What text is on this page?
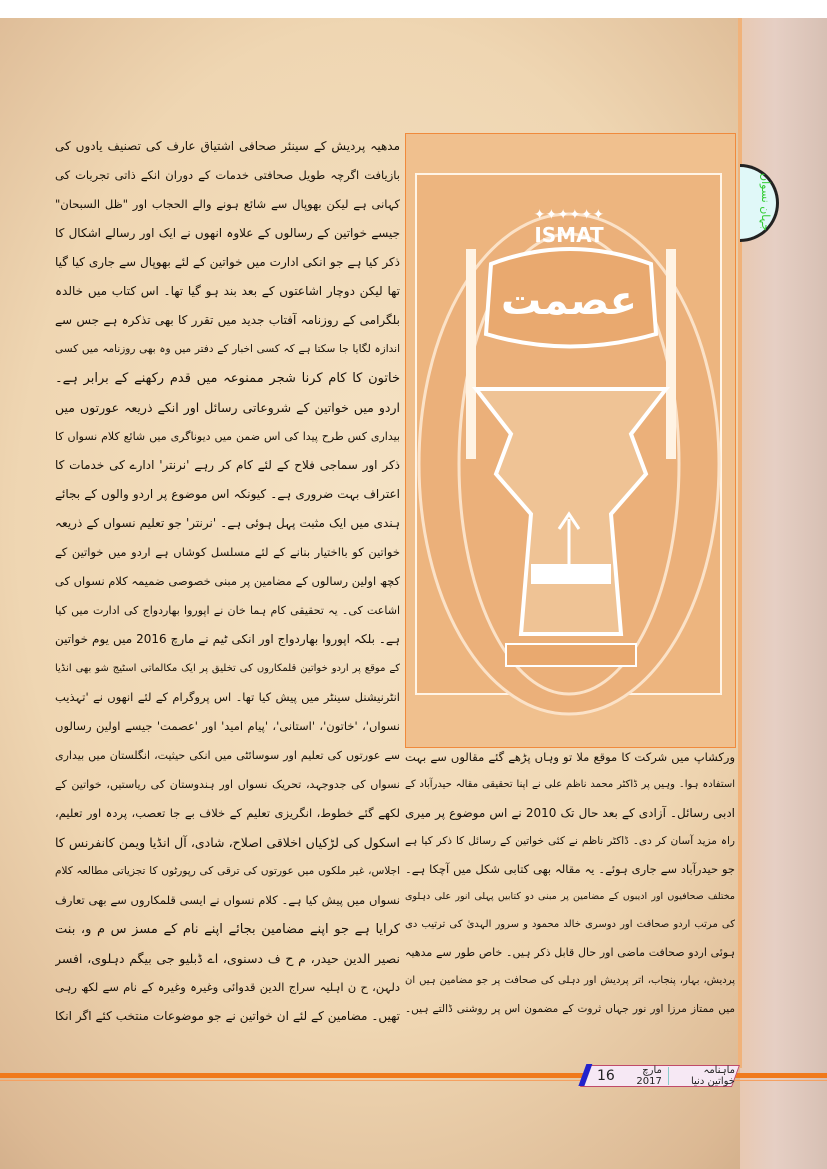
جہان نسواں
مدھیہ پردیش کے سینئر صحافی اشتیاق عارف کی تصنیف یادوں کی
بازیافت اگرچہ طویل صحافتی خدمات کے دوران انکے ذاتی تجربات کی
کہانی ہے لیکن بھوپال سے شائع ہونے والے الحجاب اور "ظل السبحان"
جیسے خواتین کے رسالوں کے علاوہ انھوں نے ایک اور رسالے اشکال کا
ذکر کیا ہے جو انکی ادارت میں خواتین کے لئے بھوپال سے جاری کیا گیا
تھا لیکن دوچار اشاعتوں کے بعد بند ہو گیا تھا۔ اس کتاب میں خالدہ
بلگرامی کے روزنامہ آفتاب جدید میں تقرر کا بھی تذکرہ ہے جس سے
اندازہ لگایا جا سکتا ہے کہ کسی اخبار کے دفتر میں وہ بھی روزنامہ میں کسی
خاتون کا کام کرنا شجر ممنوعہ میں قدم رکھنے کے برابر ہے۔
اردو میں خواتین کے شروعاتی رسائل اور انکے ذریعہ عورتوں میں
بیداری کس طرح پیدا کی اس ضمن میں دیوناگری میں شائع کلام نسواں کا
ذکر اور سماجی فلاح کے لئے کام کر رہے 'نرنتر' ادارے کی خدمات کا
اعتراف بہت ضروری ہے۔ کیونکہ اس موضوع پر اردو والوں کے بجائے
ہندی میں ایک مثبت پہل ہوئی ہے۔ 'نرنتر' جو تعلیم نسواں کے ذریعہ
خواتین کو بااختیار بنانے کے لئے مسلسل کوشاں ہے اردو میں خواتین کے
کچھ اولین رسالوں کے مضامین پر مبنی خصوصی ضمیمہ کلام نسواں کی
اشاعت کی۔ یہ تحقیقی کام ہما خان نے اپوروا بھاردواج کی ادارت میں کیا
ہے۔ بلکہ اپوروا بھاردواج اور انکی ٹیم نے مارچ 2016 میں یوم خواتین
کے موقع پر اردو خواتین قلمکاروں کی تخلیق پر ایک مکالماتی اسٹیج شو بھی انڈیا
انٹرنیشنل سینٹر میں پیش کیا تھا۔ اس پروگرام کے لئے انھوں نے 'تہذیب
نسواں'، 'خاتون'، 'استانی'، 'پیام امید' اور 'عصمت' جیسے اولین رسالوں
سے عورتوں کی تعلیم اور سوسائٹی میں انکی حیثیت، انگلستان میں بیداری
نسواں کی جدوجہد، تحریک نسواں اور ہندوستان کی ریاستیں، خواتین کے
لکھے گئے خطوط، انگریزی تعلیم کے خلاف بے جا تعصب، پردہ اور تعلیم،
اسکول کی لڑکیاں اخلاقی اصلاح، شادی، آل انڈیا ویمن کانفرنس کا
اجلاس، غیر ملکوں میں عورتوں کی ترقی کی رپورٹوں کا تجزیاتی مطالعہ کلام
نسواں میں پیش کیا ہے۔ کلام نسواں نے ایسی قلمکاروں سے بھی تعارف
کرایا ہے جو اپنے مضامین بجائے اپنے نام کے مسز س م و، بنت
نصیر الدین حیدر، م ح ف دسنوی، اے ڈبلیو جی بیگم دہلوی، افسر
دلہن، ح ن اہلیہ سراج الدین قدوائی وغیرہ وغیرہ کے نام سے لکھ رہی
تھیں۔ مضامین کے لئے ان خواتین نے جو موضوعات منتخب کئے اگر انکا
✦✦✦✦✦✦
ISMAT
عصمت
ورکشاپ میں شرکت کا موقع ملا تو وہاں پڑھے گئے مقالوں سے بہت
استفادہ ہوا۔ وہیں پر ڈاکٹر محمد ناظم علی نے اپنا تحقیقی مقالہ حیدرآباد کے
ادبی رسائل۔ آزادی کے بعد حال تک 2010 نے اس موضوع پر میری
راہ مزید آسان کر دی۔ ڈاکٹر ناظم نے کئی خواتین کے رسائل کا ذکر کیا ہے
جو حیدرآباد سے جاری ہوئے۔ یہ مقالہ بھی کتابی شکل میں آچکا ہے۔
مختلف صحافیوں اور ادیبوں کے مضامین پر مبنی دو کتابیں پہلی انور علی دہلوی
کی مرتب اردو صحافت اور دوسری خالد محمود و سرور الہدیٰ کی ترتیب دی
ہوئی اردو صحافت ماضی اور حال قابل ذکر ہیں۔ خاص طور سے مدھیہ
پردیش، بہار، پنجاب، اتر پردیش اور دہلی کی صحافت پر جو مضامین ہیں ان
میں ممتاز مرزا اور نور جہاں ثروت کے مضمون اس پر روشنی ڈالتے ہیں۔
16	مارچ 2017
ماہنامہ خواتین دنیا
